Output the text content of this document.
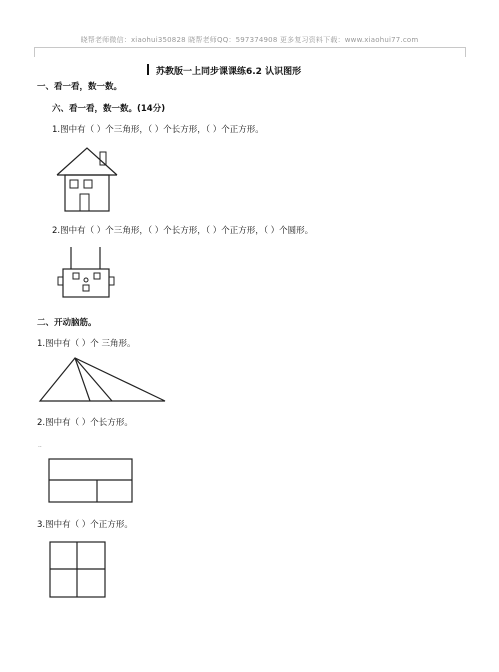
晓帮老师微信：xiaohui350828 晓帮老师QQ：597374908 更多复习资料下载：www.xiaohui77.com
苏教版一上同步课课练6.2 认识图形
一、看一看，数一数。
六、看一看，数一数。(14分)
1.图中有（ ）个三角形，（ ）个长方形，（ ）个正方形。
2.图中有（ ）个三角形，（ ）个长方形，（ ）个正方形，（ ）个圆形。
二、开动脑筋。
1.图中有（ ）个 三角形。
2.图中有（ ）个长方形。
..
3.图中有（ ）个正方形。
